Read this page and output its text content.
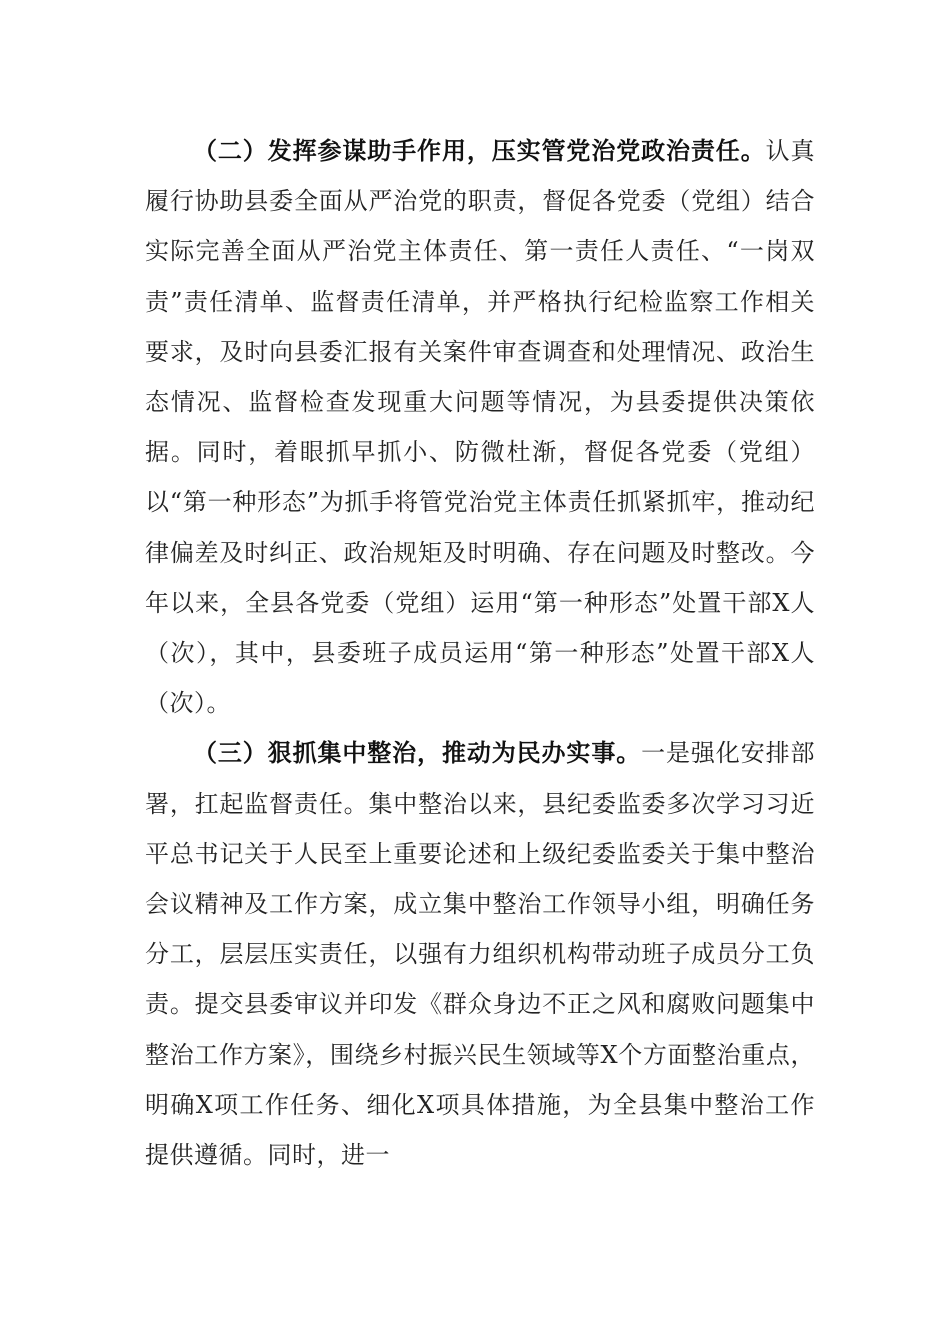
（二）发挥参谋助手作用，压实管党治党政治责任。认真履行协助县委全面从严治党的职责，督促各党委（党组）结合实际完善全面从严治党主体责任、第一责任人责任、“一岗双责”责任清单、监督责任清单，并严格执行纪检监察工作相关要求，及时向县委汇报有关案件审查调查和处理情况、政治生态情况、监督检查发现重大问题等情况，为县委提供决策依据。同时，着眼抓早抓小、防微杜渐，督促各党委（党组）以“第一种形态”为抓手将管党治党主体责任抓紧抓牢，推动纪律偏差及时纠正、政治规矩及时明确、存在问题及时整改。今年以来，全县各党委（党组）运用“第一种形态”处置干部X人（次），其中，县委班子成员运用“第一种形态”处置干部X人（次）。

（三）狠抓集中整治，推动为民办实事。一是强化安排部署，扛起监督责任。集中整治以来，县纪委监委多次学习习近平总书记关于人民至上重要论述和上级纪委监委关于集中整治会议精神及工作方案，成立集中整治工作领导小组，明确任务分工，层层压实责任，以强有力组织机构带动班子成员分工负责。提交县委审议并印发《群众身边不正之风和腐败问题集中整治工作方案》，围绕乡村振兴民生领域等X个方面整治重点，明确X项工作任务、细化X项具体措施，为全县集中整治工作提供遵循。同时，进一
